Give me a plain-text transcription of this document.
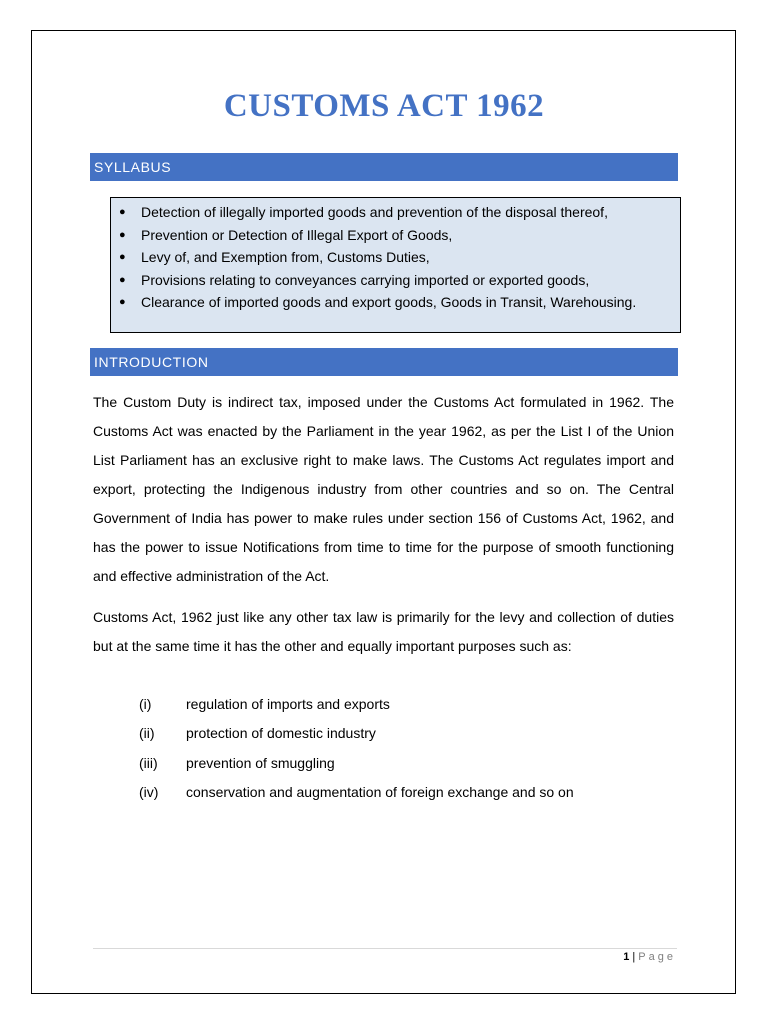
CUSTOMS ACT 1962
SYLLABUS
● Detection of illegally imported goods and prevention of the disposal thereof,
● Prevention or Detection of Illegal Export of Goods,
● Levy of, and Exemption from, Customs Duties,
● Provisions relating to conveyances carrying imported or exported goods,
● Clearance of imported goods and export goods, Goods in Transit, Warehousing.
INTRODUCTION

The Custom Duty is indirect tax, imposed under the Customs Act formulated in 1962. The Customs Act was enacted by the Parliament in the year 1962, as per the List I of the Union List Parliament has an exclusive right to make laws. The Customs Act regulates import and export, protecting the Indigenous industry from other countries and so on. The Central Government of India has power to make rules under section 156 of Customs Act, 1962, and has the power to issue Notifications from time to time for the purpose of smooth functioning and effective administration of the Act.

Customs Act, 1962 just like any other tax law is primarily for the levy and collection of duties but at the same time it has the other and equally important purposes such as:

(i) regulation of imports and exports
(ii) protection of domestic industry
(iii) prevention of smuggling
(iv) conservation and augmentation of foreign exchange and so on
1 | Page
